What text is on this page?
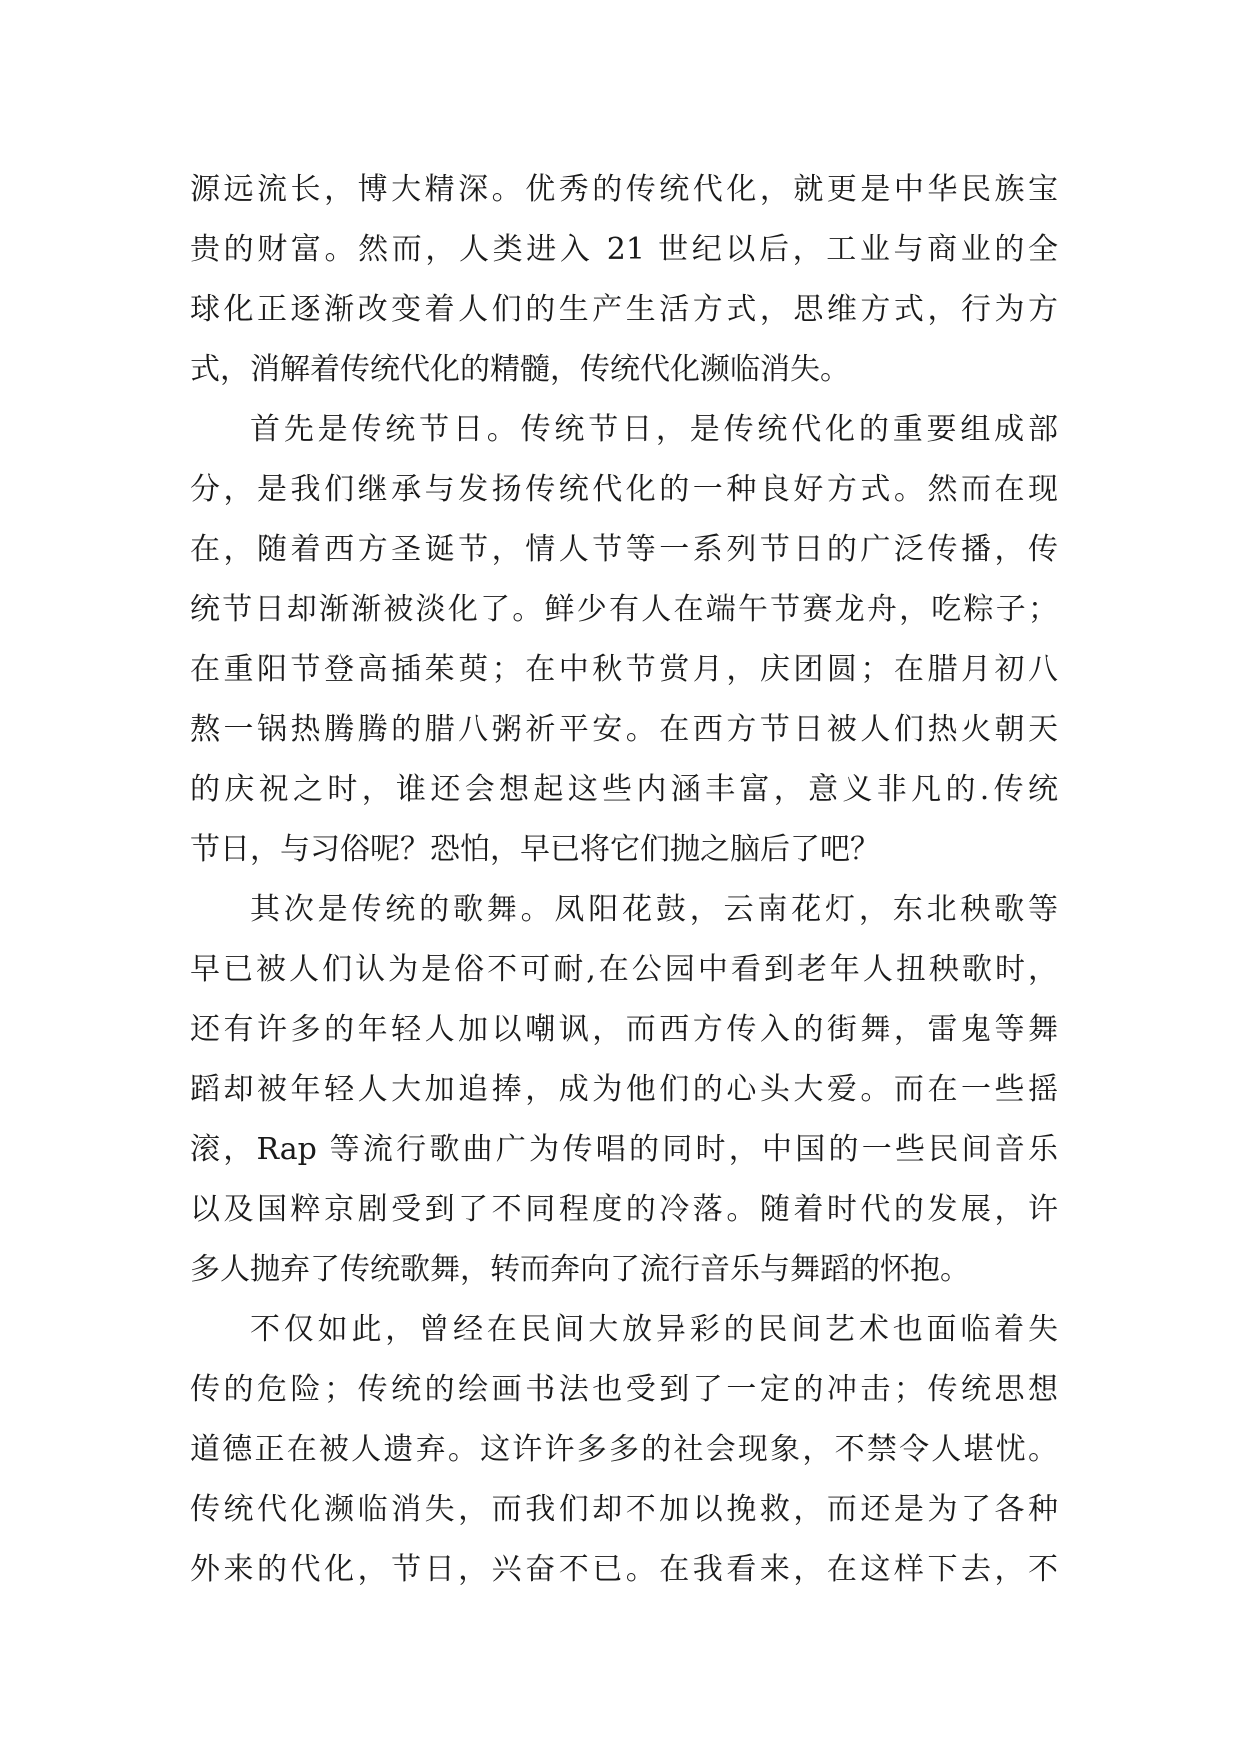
源远流长，博大精深。优秀的传统代化，就更是中华民族宝
贵的财富。然而，人类进入 21 世纪以后，工业与商业的全
球化正逐渐改变着人们的生产生活方式，思维方式，行为方
式，消解着传统代化的精髓，传统代化濒临消失。
首先是传统节日。传统节日，是传统代化的重要组成部
分，是我们继承与发扬传统代化的一种良好方式。然而在现
在，随着西方圣诞节，情人节等一系列节日的广泛传播，传
统节日却渐渐被淡化了。鲜少有人在端午节赛龙舟，吃粽子；
在重阳节登高插茱萸；在中秋节赏月，庆团圆；在腊月初八
熬一锅热腾腾的腊八粥祈平安。在西方节日被人们热火朝天
的庆祝之时，谁还会想起这些内涵丰富，意义非凡的.传统
节日，与习俗呢？恐怕，早已将它们抛之脑后了吧？
其次是传统的歌舞。凤阳花鼓，云南花灯，东北秧歌等
早已被人们认为是俗不可耐,在公园中看到老年人扭秧歌时，
还有许多的年轻人加以嘲讽，而西方传入的街舞，雷鬼等舞
蹈却被年轻人大加追捧，成为他们的心头大爱。而在一些摇
滚，Rap 等流行歌曲广为传唱的同时，中国的一些民间音乐
以及国粹京剧受到了不同程度的冷落。随着时代的发展，许
多人抛弃了传统歌舞，转而奔向了流行音乐与舞蹈的怀抱。
不仅如此，曾经在民间大放异彩的民间艺术也面临着失
传的危险；传统的绘画书法也受到了一定的冲击；传统思想
道德正在被人遗弃。这许许多多的社会现象，不禁令人堪忧。
传统代化濒临消失，而我们却不加以挽救，而还是为了各种
外来的代化，节日，兴奋不已。在我看来，在这样下去，不
